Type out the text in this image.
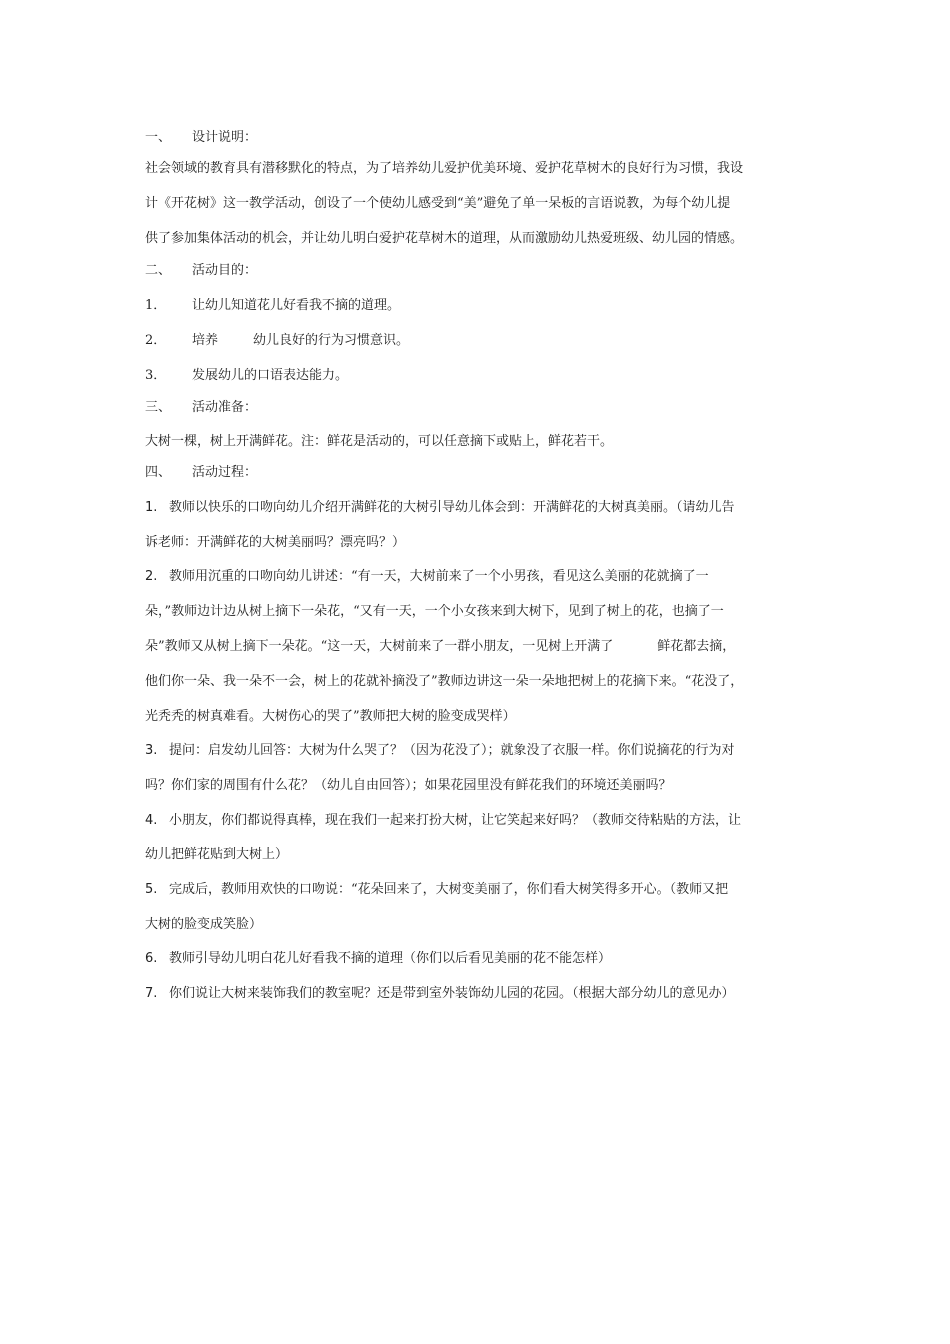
一、 设计说明：
社会领域的教育具有潜移默化的特点，为了培养幼儿爱护优美环境、爱护花草树木的良好行为习惯，我设
计《开花树》这一教学活动，创设了一个使幼儿感受到“美”避免了单一呆板的言语说教，为每个幼儿提
供了参加集体活动的机会，并让幼儿明白爱护花草树木的道理，从而激励幼儿热爱班级、幼儿园的情感。
二、 活动目的：
1． 让幼儿知道花儿好看我不摘的道理。
2． 培养	幼儿良好的行为习惯意识。
3． 发展幼儿的口语表达能力。
三、 活动准备：
大树一棵，树上开满鲜花。注：鲜花是活动的，可以任意摘下或贴上，鲜花若干。
四、 活动过程：
1. 教师以快乐的口吻向幼儿介绍开满鲜花的大树引导幼儿体会到：开满鲜花的大树真美丽。（请幼儿告
诉老师：开满鲜花的大树美丽吗？漂亮吗？）
2. 教师用沉重的口吻向幼儿讲述：“有一天，大树前来了一个小男孩，看见这么美丽的花就摘了一
朵，”教师边计边从树上摘下一朵花，“又有一天，一个小女孩来到大树下，见到了树上的花，也摘了一
朵”教师又从树上摘下一朵花。“这一天，大树前来了一群小朋友，一见树上开满了	鲜花都去摘，
他们你一朵、我一朵不一会，树上的花就补摘没了”教师边讲这一朵一朵地把树上的花摘下来。“花没了，
光秃秃的树真难看。大树伤心的哭了”教师把大树的脸变成哭样）
3. 提问：启发幼儿回答：大树为什么哭了？（因为花没了）；就象没了衣服一样。你们说摘花的行为对
吗？你们家的周围有什么花？（幼儿自由回答）；如果花园里没有鲜花我们的环境还美丽吗？
4. 小朋友，你们都说得真棒，现在我们一起来打扮大树，让它笑起来好吗？（教师交待粘贴的方法，让
幼儿把鲜花贴到大树上）
5. 完成后，教师用欢快的口吻说：“花朵回来了，大树变美丽了，你们看大树笑得多开心。（教师又把
大树的脸变成笑脸）
6. 教师引导幼儿明白花儿好看我不摘的道理（你们以后看见美丽的花不能怎样）
7. 你们说让大树来装饰我们的教室呢？还是带到室外装饰幼儿园的花园。（根据大部分幼儿的意见办）
